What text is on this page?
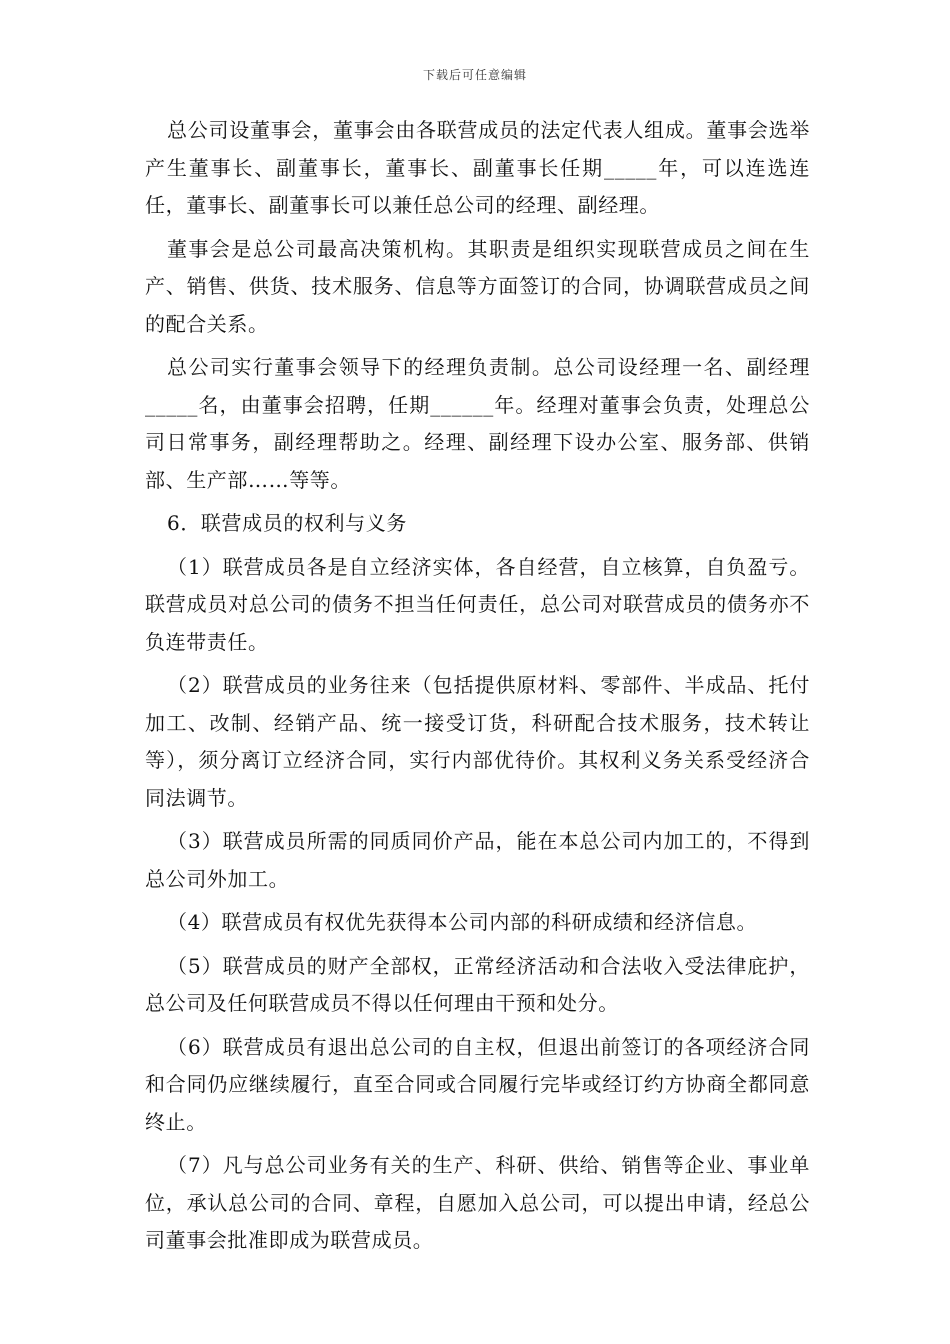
下载后可任意编辑

总公司设董事会，董事会由各联营成员的法定代表人组成。董事会选举产生董事长、副董事长，董事长、副董事长任期_____年，可以连选连任，董事长、副董事长可以兼任总公司的经理、副经理。

董事会是总公司最高决策机构。其职责是组织实现联营成员之间在生产、销售、供货、技术服务、信息等方面签订的合同，协调联营成员之间的配合关系。

总公司实行董事会领导下的经理负责制。总公司设经理一名、副经理_____名，由董事会招聘，任期______年。经理对董事会负责，处理总公司日常事务，副经理帮助之。经理、副经理下设办公室、服务部、供销部、生产部……等等。

6．联营成员的权利与义务

（1）联营成员各是自立经济实体，各自经营，自立核算，自负盈亏。联营成员对总公司的债务不担当任何责任，总公司对联营成员的债务亦不负连带责任。

（2）联营成员的业务往来（包括提供原材料、零部件、半成品、托付加工、改制、经销产品、统一接受订货，科研配合技术服务，技术转让等），须分离订立经济合同，实行内部优待价。其权利义务关系受经济合同法调节。

（3）联营成员所需的同质同价产品，能在本总公司内加工的，不得到总公司外加工。

（4）联营成员有权优先获得本公司内部的科研成绩和经济信息。

（5）联营成员的财产全部权，正常经济活动和合法收入受法律庇护，总公司及任何联营成员不得以任何理由干预和处分。

（6）联营成员有退出总公司的自主权，但退出前签订的各项经济合同和合同仍应继续履行，直至合同或合同履行完毕或经订约方协商全都同意终止。

（7）凡与总公司业务有关的生产、科研、供给、销售等企业、事业单位，承认总公司的合同、章程，自愿加入总公司，可以提出申请，经总公司董事会批准即成为联营成员。
